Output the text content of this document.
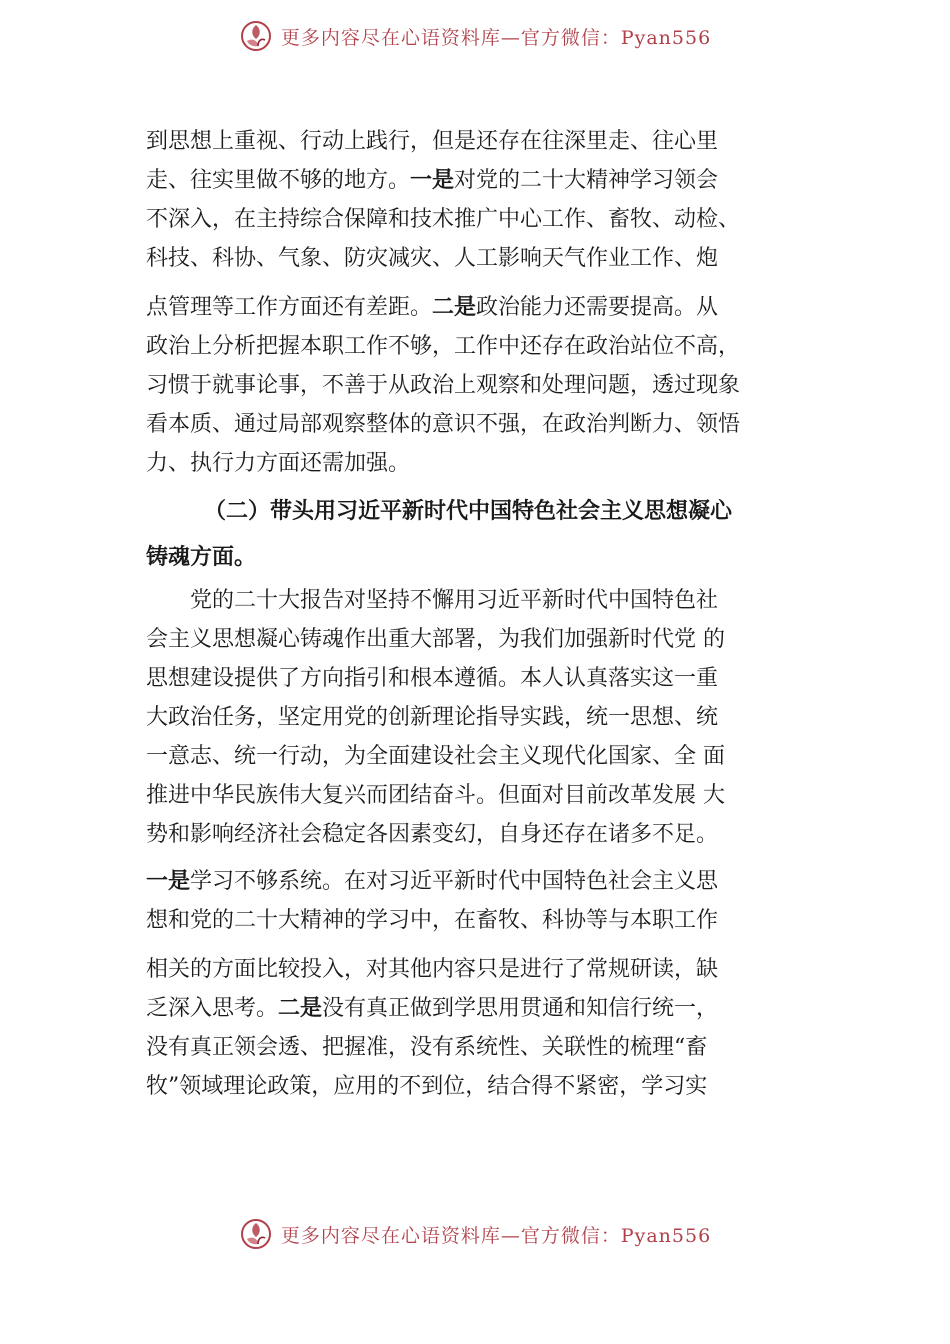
更多内容尽在心语资料库—官方微信：Pyan556
到思想上重视、行动上践行，但是还存在往深里走、往心里
走、往实里做不够的地方。一是对党的二十大精神学习领会
不深入，在主持综合保障和技术推广中心工作、畜牧、动检、
科技、科协、气象、防灾减灾、人工影响天气作业工作、炮
点管理等工作方面还有差距。二是政治能力还需要提高。从
政治上分析把握本职工作不够，工作中还存在政治站位不高，
习惯于就事论事，不善于从政治上观察和处理问题，透过现象
看本质、通过局部观察整体的意识不强，在政治判断力、领悟
力、执行力方面还需加强。
（二）带头用习近平新时代中国特色社会主义思想凝心
铸魂方面。
党的二十大报告对坚持不懈用习近平新时代中国特色社
会主义思想凝心铸魂作出重大部署，为我们加强新时代党 的
思想建设提供了方向指引和根本遵循。本人认真落实这一重
大政治任务，坚定用党的创新理论指导实践，统一思想、统
一意志、统一行动，为全面建设社会主义现代化国家、全 面
推进中华民族伟大复兴而团结奋斗。但面对目前改革发展 大
势和影响经济社会稳定各因素变幻，自身还存在诸多不足。
一是学习不够系统。在对习近平新时代中国特色社会主义思
想和党的二十大精神的学习中，在畜牧、科协等与本职工作
相关的方面比较投入，对其他内容只是进行了常规研读，缺
乏深入思考。二是没有真正做到学思用贯通和知信行统一，
没有真正领会透、把握准，没有系统性、关联性的梳理“畜
牧”领域理论政策，应用的不到位，结合得不紧密，学习实
更多内容尽在心语资料库—官方微信：Pyan556
